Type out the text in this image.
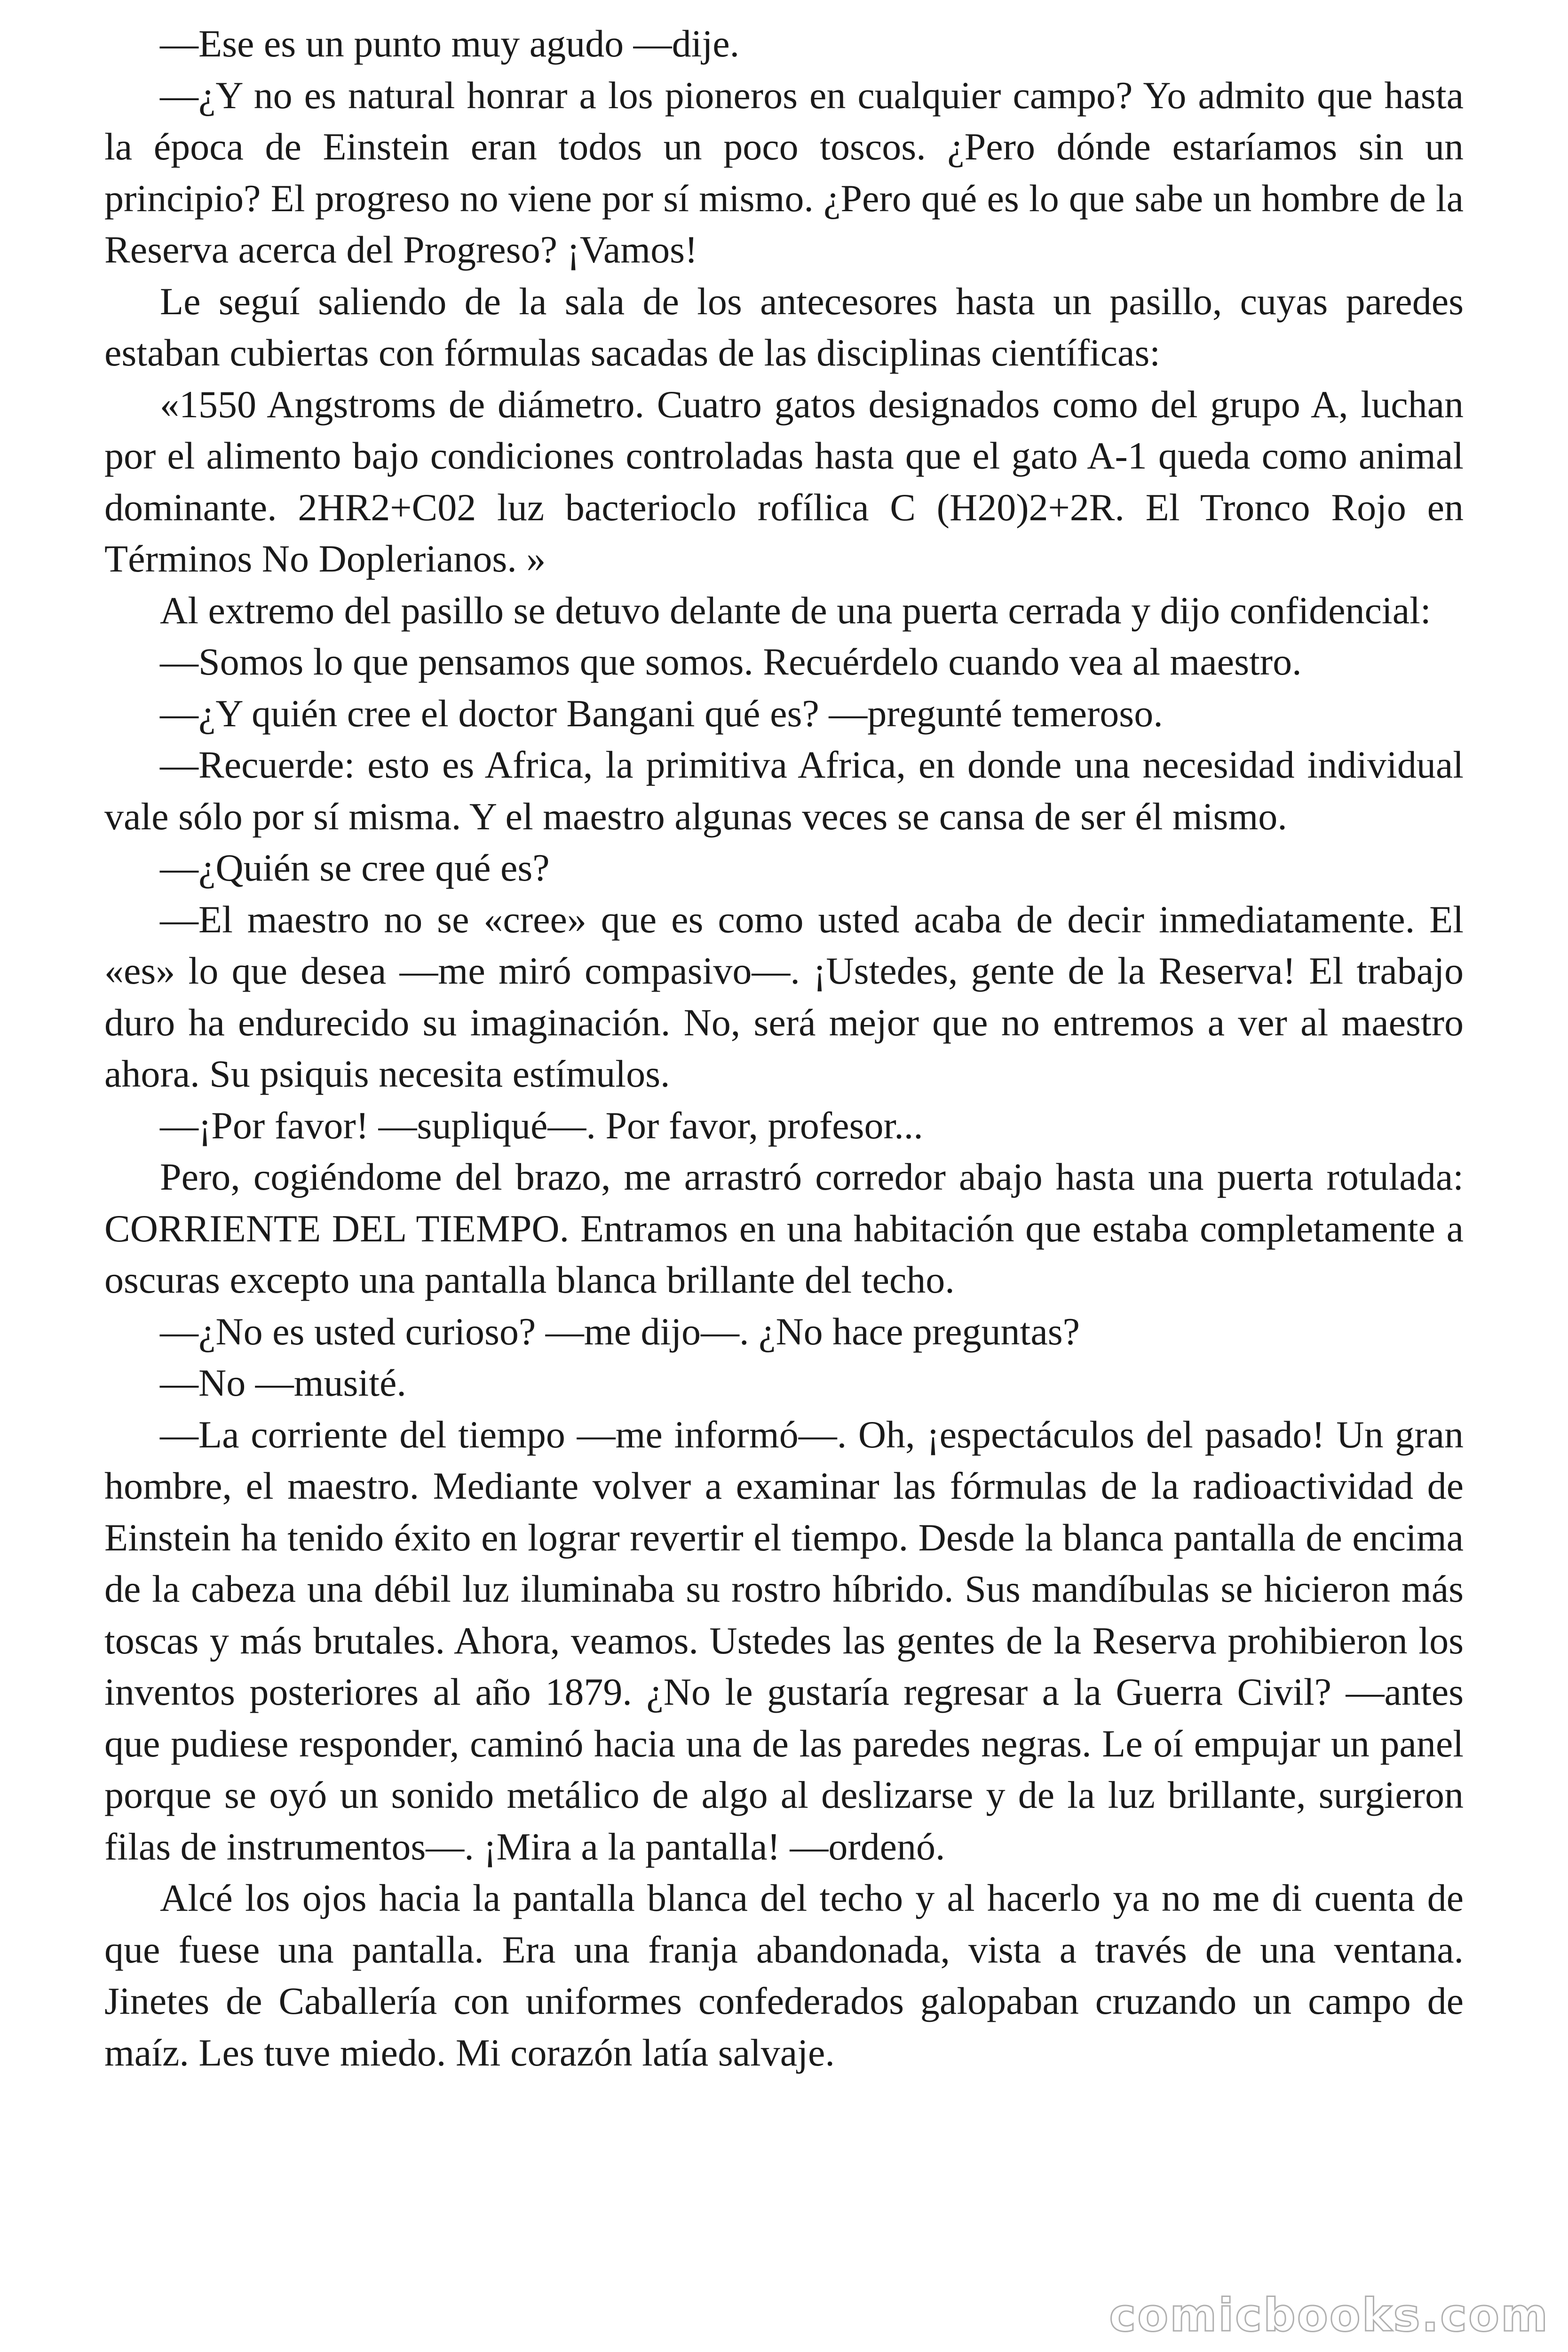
—Ese es un punto muy agudo —dije.

—¿Y no es natural honrar a los pioneros en cualquier campo? Yo admito que hasta la época de Einstein eran todos un poco toscos. ¿Pero dónde estaríamos sin un principio? El progreso no viene por sí mismo. ¿Pero qué es lo que sabe un hombre de la Reserva acerca del Progreso? ¡Vamos!

Le seguí saliendo de la sala de los antecesores hasta un pasillo, cuyas paredes estaban cubiertas con fórmulas sacadas de las disciplinas científicas:

«1550 Angstroms de diámetro. Cuatro gatos designados como del grupo A, luchan por el alimento bajo condiciones controladas hasta que el gato A-1 queda como animal dominante. 2HR2+C02 luz bacterioclo rofílica C (H20)2+2R. El Tronco Rojo en Términos No Doplerianos. »

Al extremo del pasillo se detuvo delante de una puerta cerrada y dijo confidencial:

—Somos lo que pensamos que somos. Recuérdelo cuando vea al maestro.

—¿Y quién cree el doctor Bangani qué es? —pregunté temeroso.

—Recuerde: esto es Africa, la primitiva Africa, en donde una necesidad individual vale sólo por sí misma. Y el maestro algunas veces se cansa de ser él mismo.

—¿Quién se cree qué es?

—El maestro no se «cree» que es como usted acaba de decir inmediatamente. El «es» lo que desea —me miró compasivo—. ¡Ustedes, gente de la Reserva! El trabajo duro ha endurecido su imaginación. No, será mejor que no entremos a ver al maestro ahora. Su psiquis necesita estímulos.

—¡Por favor! —supliqué—. Por favor, profesor...

Pero, cogiéndome del brazo, me arrastró corredor abajo hasta una puerta rotulada: CORRIENTE DEL TIEMPO. Entramos en una habitación que estaba completamente a oscuras excepto una pantalla blanca brillante del techo.

—¿No es usted curioso? —me dijo—. ¿No hace preguntas?

—No —musité.

—La corriente del tiempo —me informó—. Oh, ¡espectáculos del pasado! Un gran hombre, el maestro. Mediante volver a examinar las fórmulas de la radioactividad de Einstein ha tenido éxito en lograr revertir el tiempo. Desde la blanca pantalla de encima de la cabeza una débil luz iluminaba su rostro híbrido. Sus mandíbulas se hicieron más toscas y más brutales. Ahora, veamos. Ustedes las gentes de la Reserva prohibieron los inventos posteriores al año 1879. ¿No le gustaría regresar a la Guerra Civil? —antes que pudiese responder, caminó hacia una de las paredes negras. Le oí empujar un panel porque se oyó un sonido metálico de algo al deslizarse y de la luz brillante, surgieron filas de instrumentos—. ¡Mira a la pantalla! —ordenó.

Alcé los ojos hacia la pantalla blanca del techo y al hacerlo ya no me di cuenta de que fuese una pantalla. Era una franja abandonada, vista a través de una ventana. Jinetes de Caballería con uniformes confederados galopaban cruzando un campo de maíz. Les tuve miedo. Mi corazón latía salvaje.

comicbooks.com
